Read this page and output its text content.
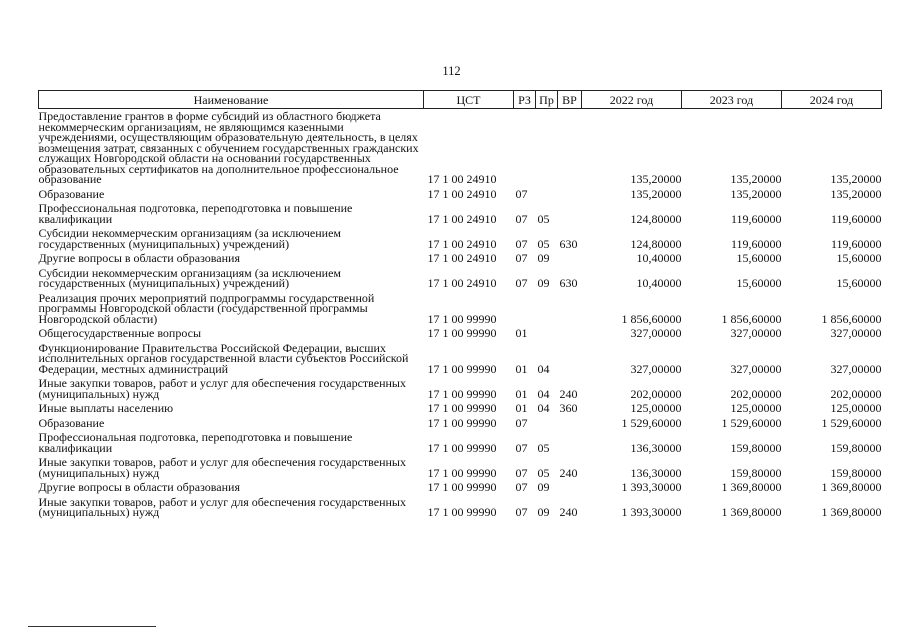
112
Наименование	ЦСТ	РЗ	Пр	ВР	2022 год	2023 год	2024 год
Предоставление грантов в форме субсидий из областного бюджета некоммерческим организациям, не являющимся казенными учреждениями, осуществляющим образовательную деятельность, в целях возмещения затрат, связанных с обучением государственных гражданских служащих Новгородской области на основании государственных образовательных сертификатов на дополнительное профессиональное образование	17 1 00 24910				135,20000	135,20000	135,20000
Образование	17 1 00 24910	07			135,20000	135,20000	135,20000
Профессиональная подготовка, переподготовка и повышение квалификации	17 1 00 24910	07	05		124,80000	119,60000	119,60000
Субсидии некоммерческим организациям (за исключением государственных (муниципальных) учреждений)	17 1 00 24910	07	05	630	124,80000	119,60000	119,60000
Другие вопросы в области образования	17 1 00 24910	07	09		10,40000	15,60000	15,60000
Субсидии некоммерческим организациям (за исключением государственных (муниципальных) учреждений)	17 1 00 24910	07	09	630	10,40000	15,60000	15,60000
Реализация прочих мероприятий подпрограммы государственной программы Новгородской области (государственной программы Новгородской области)	17 1 00 99990				1 856,60000	1 856,60000	1 856,60000
Общегосударственные вопросы	17 1 00 99990	01			327,00000	327,00000	327,00000
Функционирование Правительства Российской Федерации, высших исполнительных органов государственной власти субъектов Российской Федерации, местных администраций	17 1 00 99990	01	04		327,00000	327,00000	327,00000
Иные закупки товаров, работ и услуг для обеспечения государственных (муниципальных) нужд	17 1 00 99990	01	04	240	202,00000	202,00000	202,00000
Иные выплаты населению	17 1 00 99990	01	04	360	125,00000	125,00000	125,00000
Образование	17 1 00 99990	07			1 529,60000	1 529,60000	1 529,60000
Профессиональная подготовка, переподготовка и повышение квалификации	17 1 00 99990	07	05		136,30000	159,80000	159,80000
Иные закупки товаров, работ и услуг для обеспечения государственных (муниципальных) нужд	17 1 00 99990	07	05	240	136,30000	159,80000	159,80000
Другие вопросы в области образования	17 1 00 99990	07	09		1 393,30000	1 369,80000	1 369,80000
Иные закупки товаров, работ и услуг для обеспечения государственных (муниципальных) нужд	17 1 00 99990	07	09	240	1 393,30000	1 369,80000	1 369,80000
